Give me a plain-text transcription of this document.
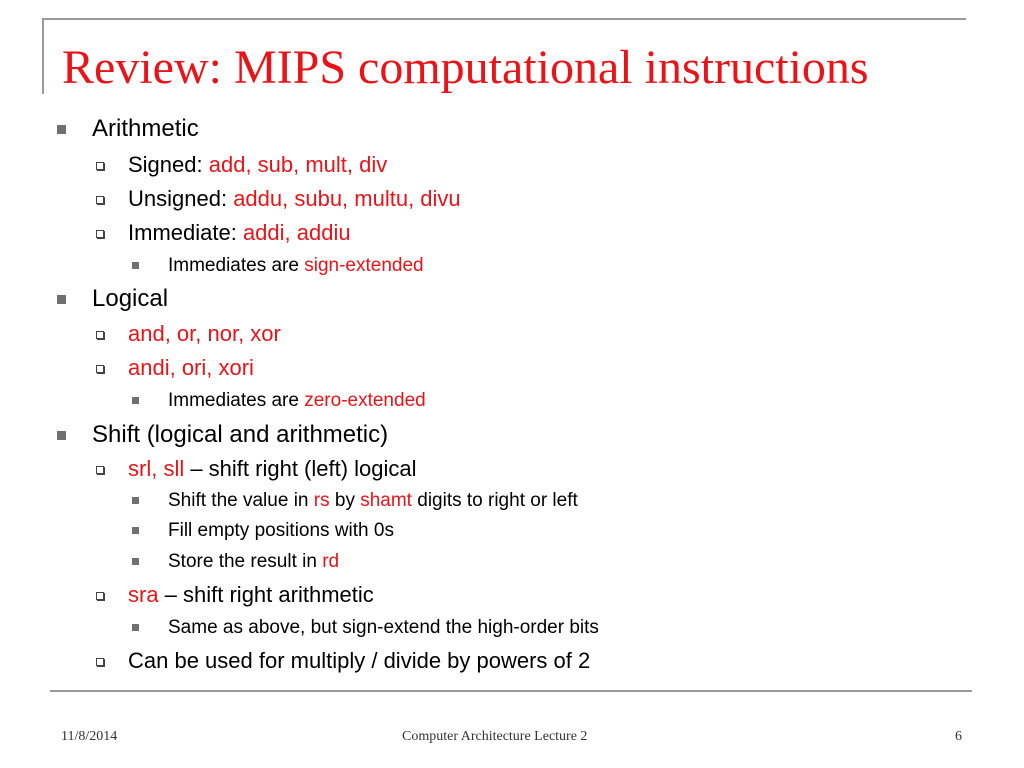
Review: MIPS computational instructions

Arithmetic

Signed: add, sub, mult, div

Unsigned: addu, subu, multu, divu

Immediate: addi, addiu

Immediates are sign-extended

Logical

and, or, nor, xor

andi, ori, xori

Immediates are zero-extended

Shift (logical and arithmetic)

srl, sll – shift right (left) logical

Shift the value in rs by shamt digits to right or left

Fill empty positions with 0s

Store the result in rd

sra – shift right arithmetic

Same as above, but sign-extend the high-order bits

Can be used for multiply / divide by powers of 2

11/8/2014	Computer Architecture Lecture 2	6
